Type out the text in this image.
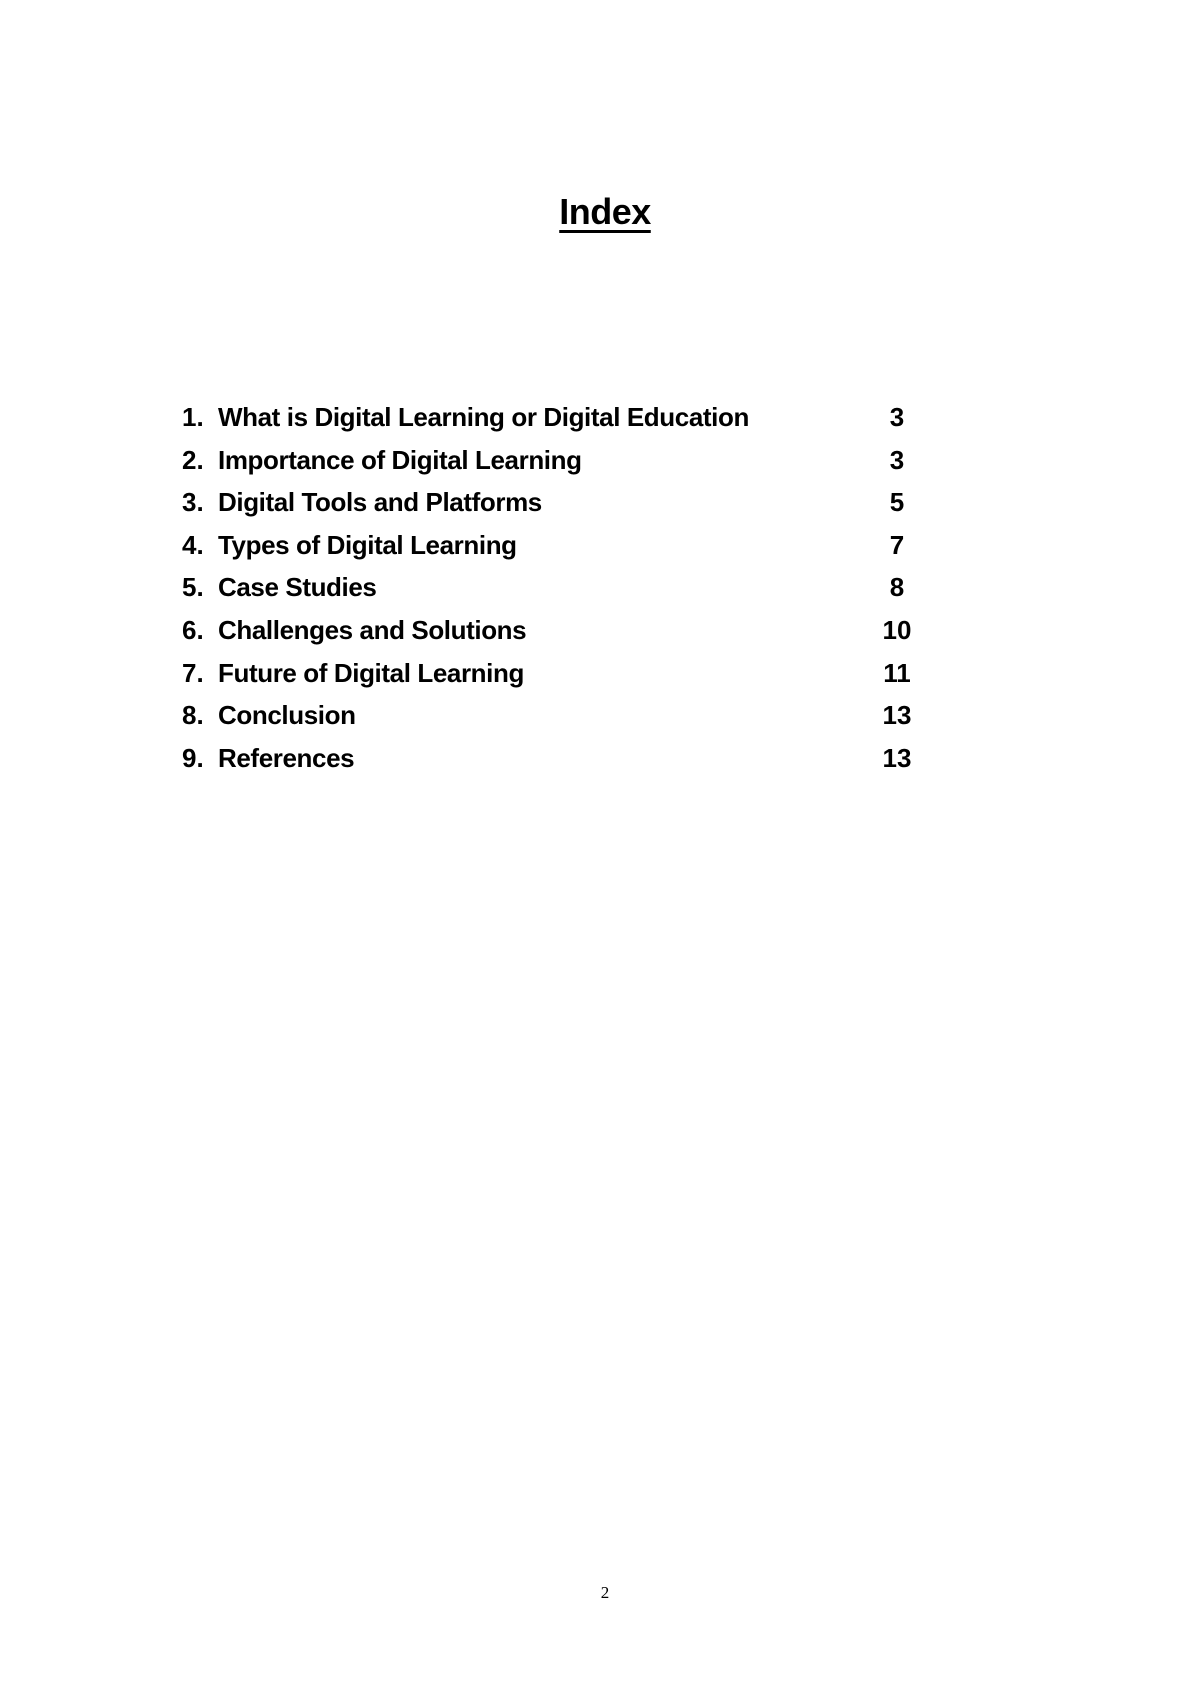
Index
1. What is Digital Learning or Digital Education	3
2. Importance of Digital Learning	3
3. Digital Tools and Platforms	5
4. Types of Digital Learning	7
5. Case Studies	8
6. Challenges and Solutions	10
7. Future of Digital Learning	11
8. Conclusion	13
9. References	13
2
